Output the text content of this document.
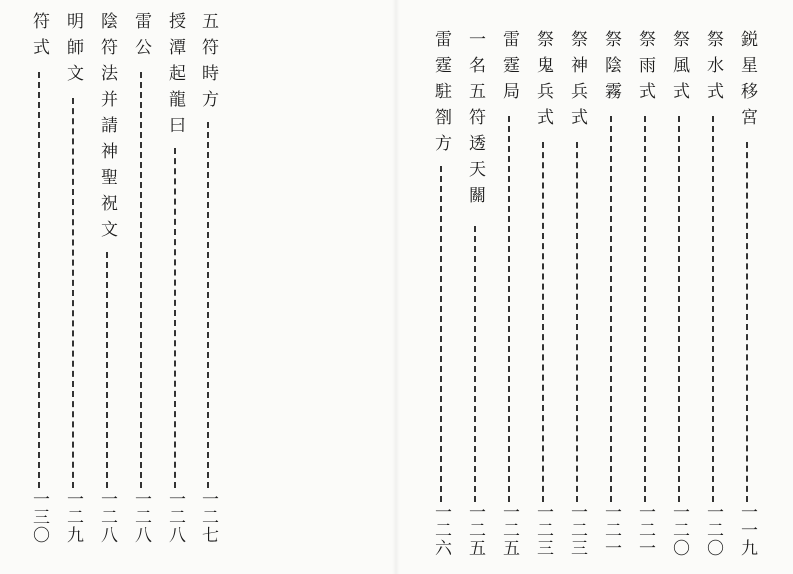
五符時方
一二七
授潭起龍曰
一二八
雷公
一二八
陰符法并請神聖祝文
一二八
明師文
一二九
符式
一三〇
鋭星移宮
一一九
祭水式
一二〇
祭風式
一二〇
祭雨式
一二一
祭陰霧
一二一
祭神兵式
一二三
祭鬼兵式
一二三
雷霆局
一二五
一名五符透天關
一二五
雷霆駐劄方
一二六
